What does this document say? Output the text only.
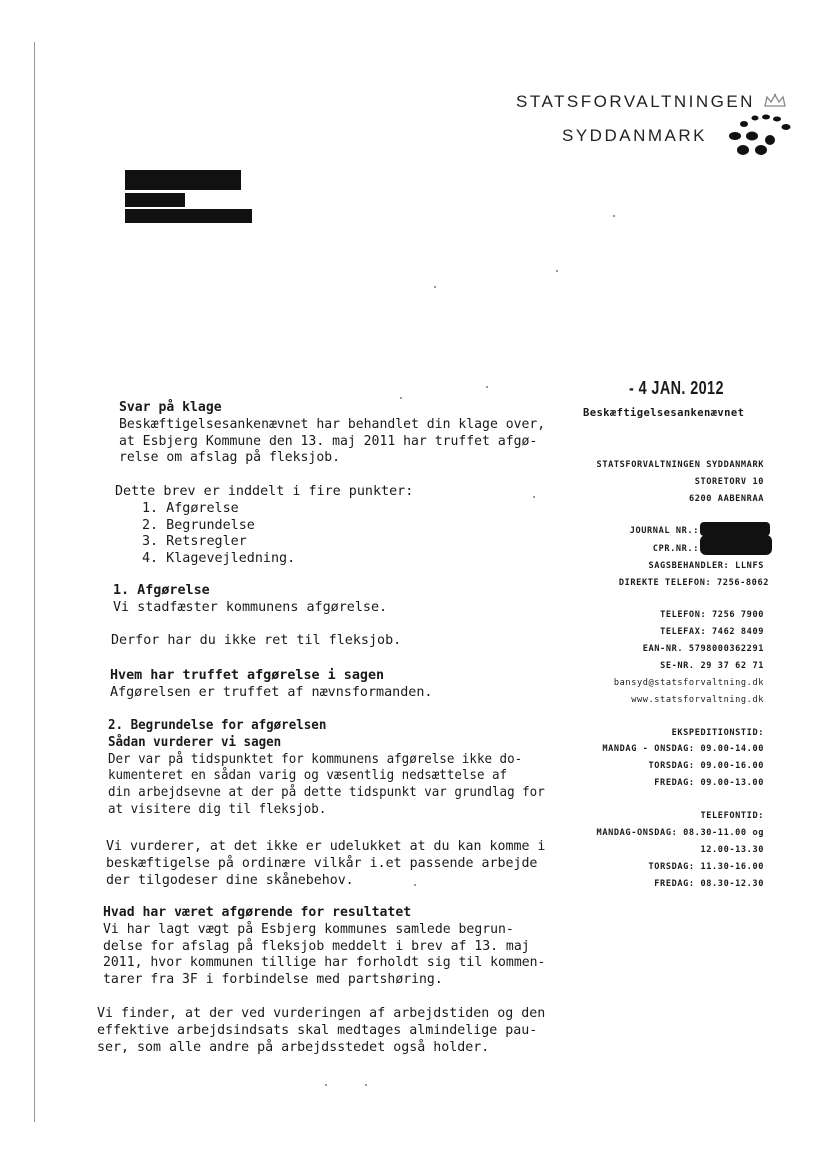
STATSFORVALTNINGEN
SYDDANMARK
- 4 JAN. 2012
Beskæftigelsesankenævnet
STATSFORVALTNINGEN SYDDANMARK
STORETORV 10
6200 AABENRAA
JOURNAL NR.:
CPR.NR.:
SAGSBEHANDLER: LLNFS
DIREKTE TELEFON: 7256-8062
TELEFON: 7256 7900
TELEFAX: 7462 8409
EAN-NR. 5798000362291
SE-NR. 29 37 62 71
bansyd@statsforvaltning.dk
www.statsforvaltning.dk
EKSPEDITIONSTID:
MANDAG - ONSDAG: 09.00-14.00
TORSDAG: 09.00-16.00
FREDAG: 09.00-13.00
TELEFONTID:
MANDAG-ONSDAG: 08.30-11.00 og
12.00-13.30
TORSDAG: 11.30-16.00
FREDAG: 08.30-12.30
Svar på klage
Beskæftigelsesankenævnet har behandlet din klage over,
at Esbjerg Kommune den 13. maj 2011 har truffet afgø-
relse om afslag på fleksjob.
Dette brev er inddelt i fire punkter:
1. Afgørelse
2. Begrundelse
3. Retsregler
4. Klagevejledning.
1. Afgørelse
Vi stadfæster kommunens afgørelse.
Derfor har du ikke ret til fleksjob.
Hvem har truffet afgørelse i sagen
Afgørelsen er truffet af nævnsformanden.
2. Begrundelse for afgørelsen
Sådan vurderer vi sagen
Der var på tidspunktet for kommunens afgørelse ikke do-
kumenteret en sådan varig og væsentlig nedsættelse af
din arbejdsevne at der på dette tidspunkt var grundlag for
at visitere dig til fleksjob.
Vi vurderer, at det ikke er udelukket at du kan komme i
beskæftigelse på ordinære vilkår i.et passende arbejde
der tilgodeser dine skånebehov.
Hvad har været afgørende for resultatet
Vi har lagt vægt på Esbjerg kommunes samlede begrun-
delse for afslag på fleksjob meddelt i brev af 13. maj
2011, hvor kommunen tillige har forholdt sig til kommen-
tarer fra 3F i forbindelse med partshøring.
Vi finder, at der ved vurderingen af arbejdstiden og den
effektive arbejdsindsats skal medtages almindelige pau-
ser, som alle andre på arbejdsstedet også holder.
